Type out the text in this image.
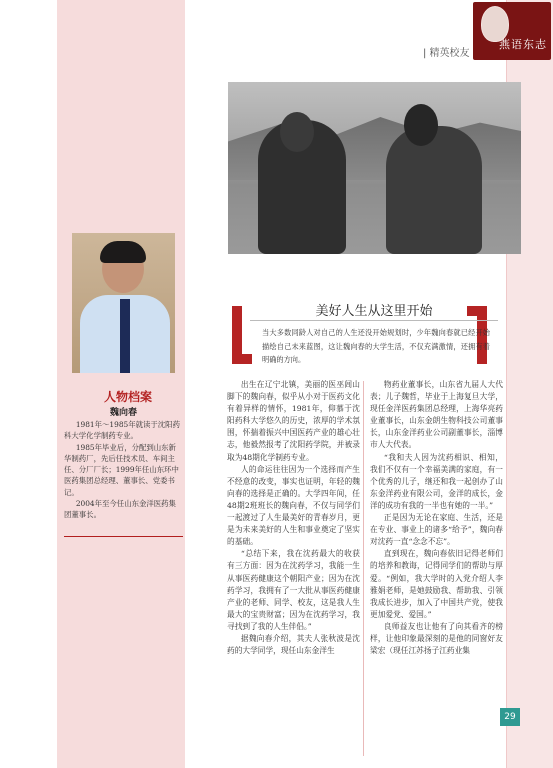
燕语东志
| 精英校友
人物档案
魏向春

1981年～1985年就读于沈阳药科大学化学制药专业。

1985年毕业后，分配到山东新华制药厂，先后任技术员、车间主任、分厂厂长；1999年任山东环中医药集团总经理、董事长、党委书记。

2004年至今任山东金洋医药集团董事长。

美好人生从这里开始
当大多数同龄人对自己的人生还没开始规划时，少年魏向春就已经开始描绘自己未来蓝图，这让魏向春的大学生活，不仅充满激情，还拥有着明确的方向。

出生在辽宁北镇，美丽的医巫闾山脚下的魏向春，似乎从小对于医药文化有着异样的情怀，1981年，仰慕于沈阳药科大学悠久的历史，浓厚的学术氛围，怀揣着振兴中国医药产业的雄心壮志，他毅然报考了沈阳药学院，并被录取为48期化学制药专业。

人的命运往往因为一个选择而产生不经意的改变，事实也证明，年轻的魏向春的选择是正确的。大学四年间，任48期2班班长的魏向春，不仅与同学们一起渡过了人生最美好的青春岁月，更是为未来美好的人生和事业奠定了坚实的基础。

“总结下来，我在沈药最大的收获有三方面：因为在沈药学习，我能一生从事医药健康这个朝阳产业；因为在沈药学习，我拥有了一大批从事医药健康产业的老师、同学、校友，这是我人生最大的宝贵财富；因为在沈药学习，我寻找到了我的人生伴侣。”

据魏向春介绍，其夫人张秋波是沈药的大学同学，现任山东金洋生

物药业董事长，山东省九届人大代表；儿子魏哲，毕业于上海复旦大学，现任金洋医药集团总经理，上海华亮药业董事长，山东金朗生物科技公司董事长，山东金洋药业公司副董事长，淄博市人大代表。

“我和夫人因为沈药相识、相知，我们不仅有一个幸福美满的家庭，有一个优秀的儿子，继还和我一起创办了山东金洋药业有限公司，金洋的成长，金洋的成功有我的一半也有她的一半。”

正是因为无论在家庭、生活，还是在专业、事业上的诸多“给予”，魏向春对沈药一直“念念不忘”。

直到现在，魏向春依旧记得老师们的培养和教诲，记得同学们的帮助与厚爱。“例如，我大学时的入党介绍人李雅娟老师，是她鼓励我、帮助我、引领我成长进步，加入了中国共产党，使我更加爱党、爱国。”

良师益友也让他有了向其看齐的榜样，让他印象最深刻的是他的同窗好友梁宏（现任江苏扬子江药业集

29
